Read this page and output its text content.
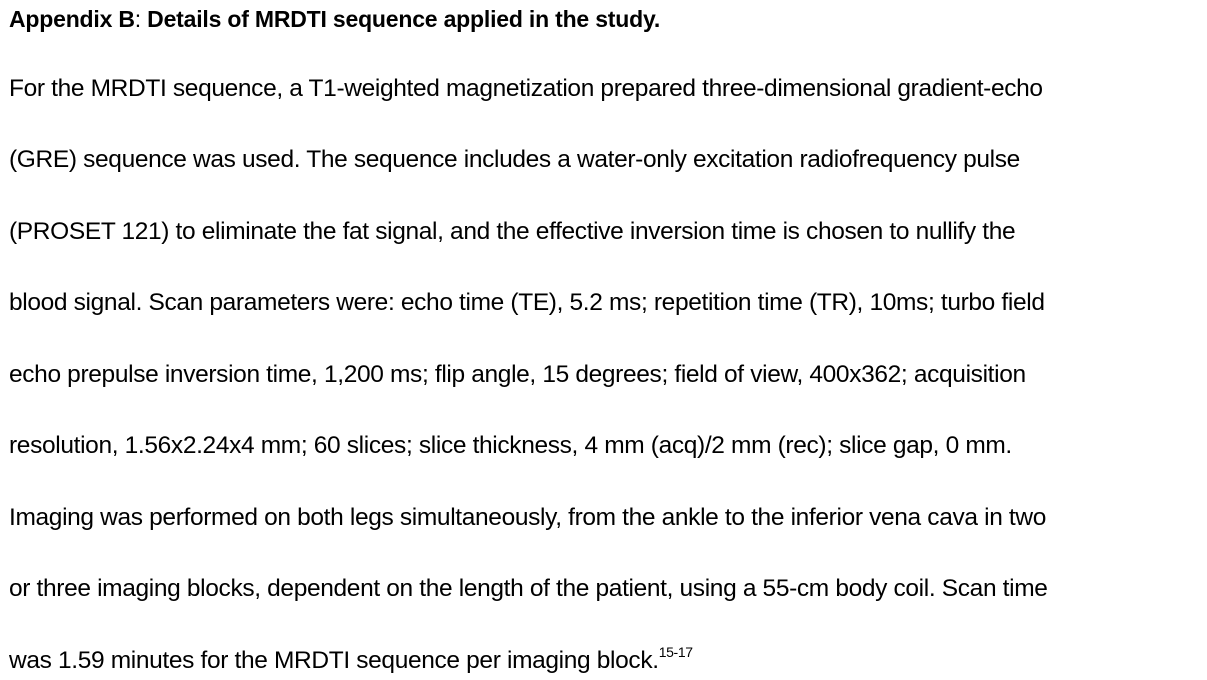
Appendix B: Details of MRDTI sequence applied in the study.
For the MRDTI sequence, a T1-weighted magnetization prepared three-dimensional gradient-echo
(GRE) sequence was used. The sequence includes a water-only excitation radiofrequency pulse
(PROSET 121) to eliminate the fat signal, and the effective inversion time is chosen to nullify the
blood signal. Scan parameters were: echo time (TE), 5.2 ms; repetition time (TR), 10ms; turbo field
echo prepulse inversion time, 1,200 ms; flip angle, 15 degrees; field of view, 400x362; acquisition
resolution, 1.56x2.24x4 mm; 60 slices; slice thickness, 4 mm (acq)/2 mm (rec); slice gap, 0 mm.
Imaging was performed on both legs simultaneously, from the ankle to the inferior vena cava in two
or three imaging blocks, dependent on the length of the patient, using a 55-cm body coil. Scan time
was 1.59 minutes for the MRDTI sequence per imaging block.$^{15-17}$
